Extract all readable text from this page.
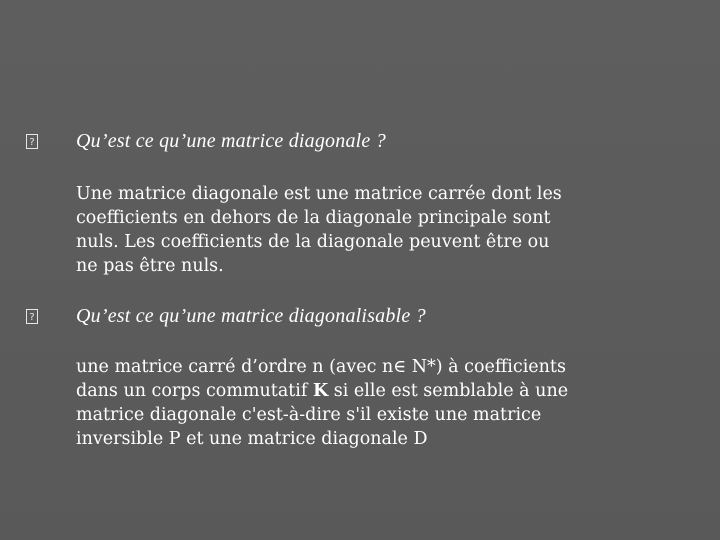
? Qu’est ce qu’une matrice diagonale ?
Une matrice diagonale est une matrice carrée dont les
coefficients en dehors de la diagonale principale sont
nuls. Les coefficients de la diagonale peuvent être ou
ne pas être nuls.
? Qu’est ce qu’une matrice diagonalisable ?
une matrice carré d’ordre n (avec n∈ N*) à coefficients
dans un corps commutatif K si elle est semblable à une
matrice diagonale c'est-à-dire s'il existe une matrice
inversible P et une matrice diagonale D
